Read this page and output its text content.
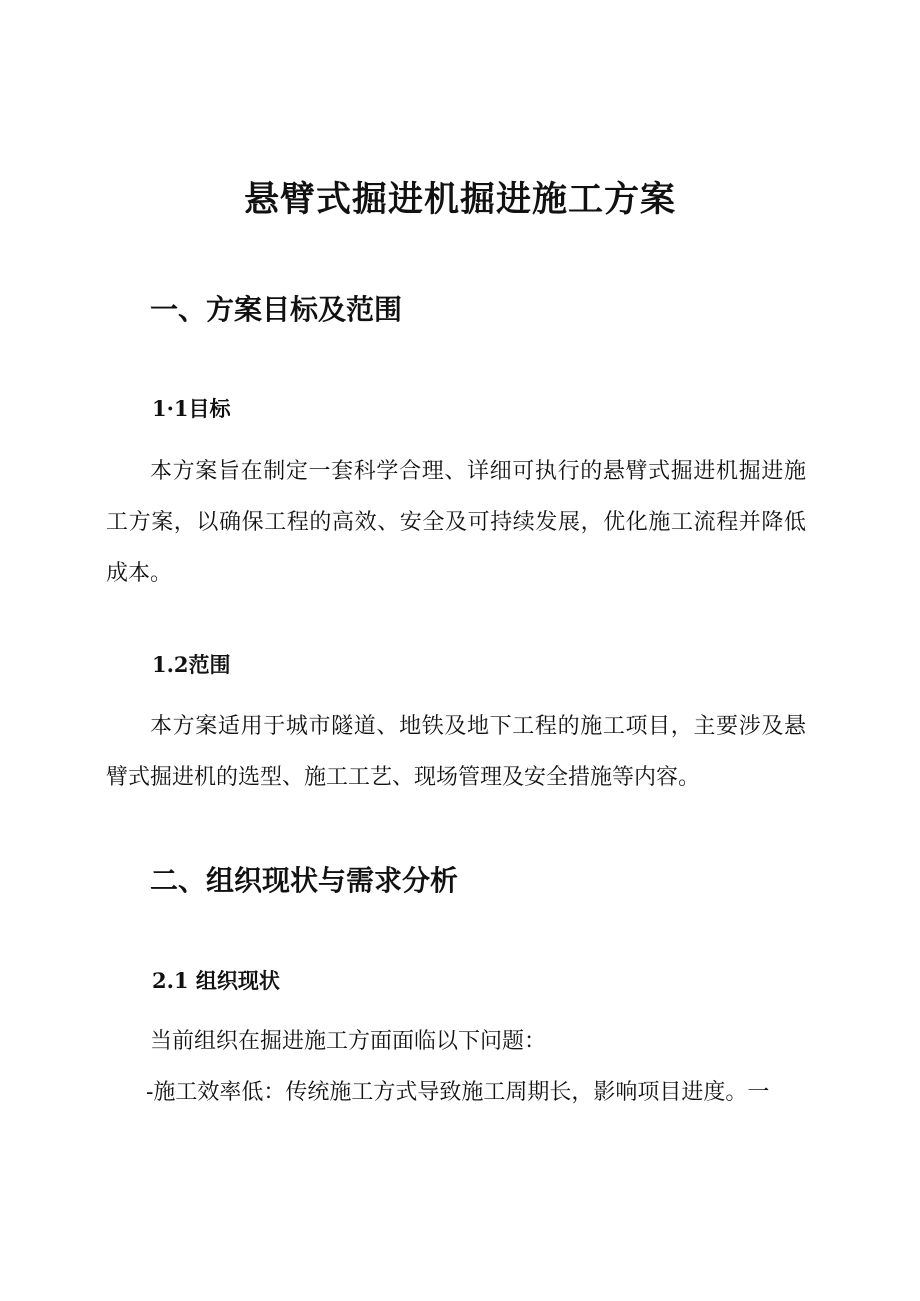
悬臂式掘进机掘进施工方案
一、方案目标及范围
1·1目标

本方案旨在制定一套科学合理、详细可执行的悬臂式掘进机掘进施工方案，以确保工程的高效、安全及可持续发展，优化施工流程并降低成本。

1.2范围

本方案适用于城市隧道、地铁及地下工程的施工项目，主要涉及悬臂式掘进机的选型、施工工艺、现场管理及安全措施等内容。

二、组织现状与需求分析
2.1 组织现状

当前组织在掘进施工方面面临以下问题：

-施工效率低：传统施工方式导致施工周期长，影响项目进度。一
